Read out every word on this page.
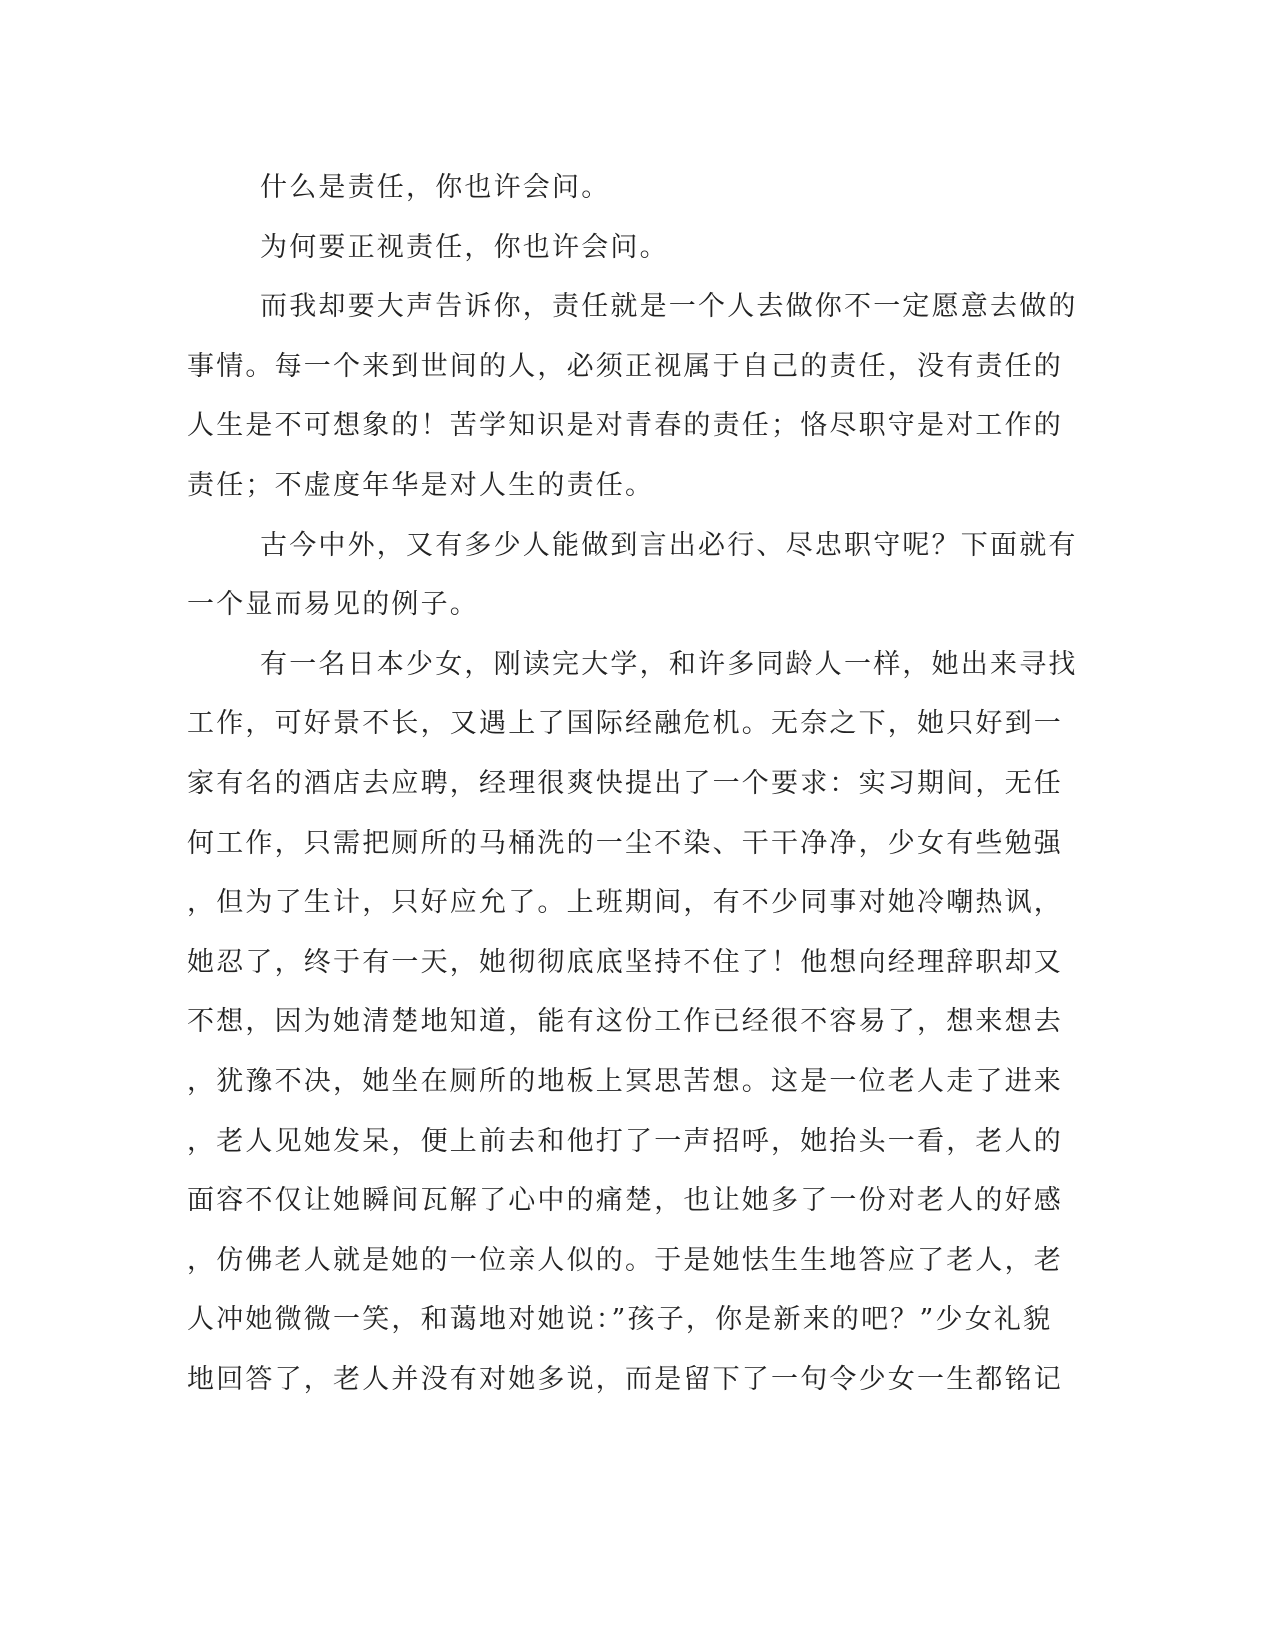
什么是责任，你也许会问。
为何要正视责任，你也许会问。
而我却要大声告诉你，责任就是一个人去做你不一定愿意去做的
事情。每一个来到世间的人，必须正视属于自己的责任，没有责任的
人生是不可想象的！苦学知识是对青春的责任；恪尽职守是对工作的
责任；不虚度年华是对人生的责任。
古今中外，又有多少人能做到言出必行、尽忠职守呢？下面就有
一个显而易见的例子。
有一名日本少女，刚读完大学，和许多同龄人一样，她出来寻找
工作，可好景不长，又遇上了国际经融危机。无奈之下，她只好到一
家有名的酒店去应聘，经理很爽快提出了一个要求：实习期间，无任
何工作，只需把厕所的马桶洗的一尘不染、干干净净，少女有些勉强
，但为了生计，只好应允了。上班期间，有不少同事对她冷嘲热讽，
她忍了，终于有一天，她彻彻底底坚持不住了！他想向经理辞职却又
不想，因为她清楚地知道，能有这份工作已经很不容易了，想来想去
，犹豫不决，她坐在厕所的地板上冥思苦想。这是一位老人走了进来
，老人见她发呆，便上前去和他打了一声招呼，她抬头一看，老人的
面容不仅让她瞬间瓦解了心中的痛楚，也让她多了一份对老人的好感
，仿佛老人就是她的一位亲人似的。于是她怯生生地答应了老人，老
人冲她微微一笑，和蔼地对她说：”孩子，你是新来的吧？”少女礼貌
地回答了，老人并没有对她多说，而是留下了一句令少女一生都铭记
